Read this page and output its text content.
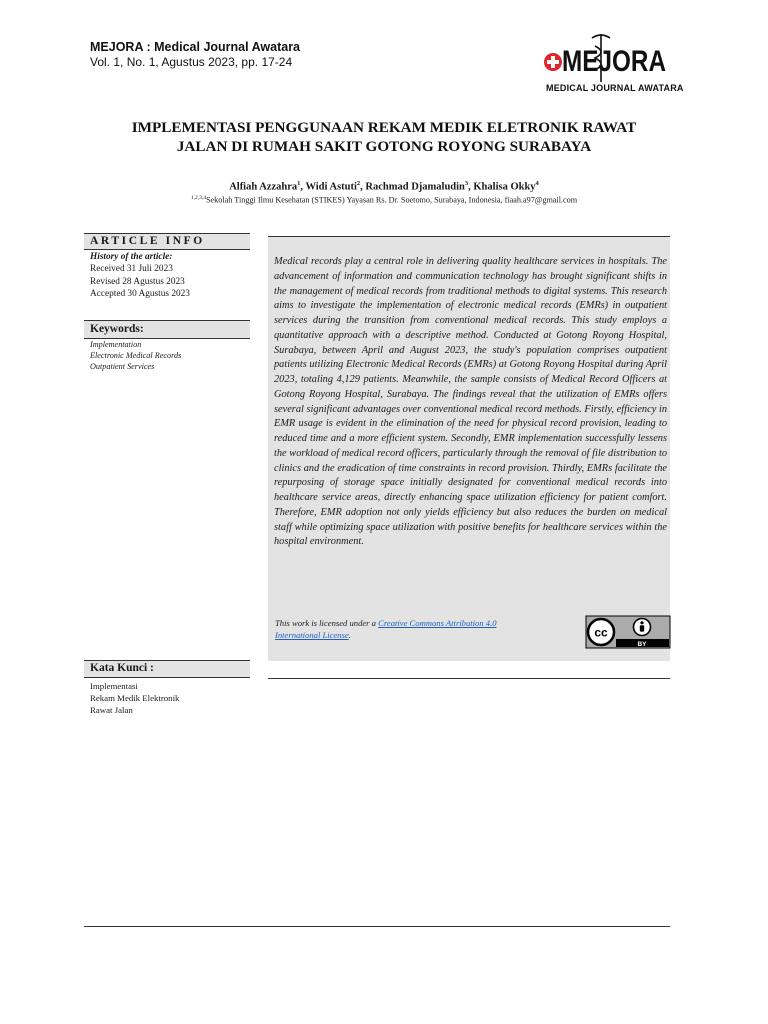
MEJORA : Medical Journal Awatara
Vol. 1, No. 1, Agustus 2023, pp. 17-24	MEJORA
MEDICAL JOURNAL AWATARA
IMPLEMENTASI PENGGUNAAN REKAM MEDIK ELETRONIK RAWAT
JALAN DI RUMAH SAKIT GOTONG ROYONG SURABAYA
Alfiah Azzahra$^1$, Widi Astuti$^2$, Rachmad Djamaludin$^3$, Khalisa Okky$^4$
$^{1,2,3,4}$Sekolah Tinggi Ilmu Kesehatan (STIKES) Yayasan Rs. Dr. Soetomo, Surabaya, Indonesia, fiaah.a97@gmail.com
ARTICLE INFO
History of the article:
Received 31 Juli 2023
Revised 28 Agustus 2023
Accepted 30 Agustus 2023
Keywords:
Implementation
Electronic Medical Records
Outpatient Services
Kata Kunci :
Implementasi
Rekam Medik Elektronik
Rawat Jalan
Medical records play a central role in delivering quality healthcare services in hospitals. The advancement of information and communication technology has brought significant shifts in the management of medical records from traditional methods to digital systems. This research aims to investigate the implementation of electronic medical records (EMRs) in outpatient services during the transition from conventional medical records. This study employs a quantitative approach with a descriptive method. Conducted at Gotong Royong Hospital, Surabaya, between April and August 2023, the study's population comprises outpatient patients utilizing Electronic Medical Records (EMRs) at Gotong Royong Hospital during April 2023, totaling 4,129 patients. Meanwhile, the sample consists of Medical Record Officers at Gotong Royong Hospital, Surabaya. The findings reveal that the utilization of EMRs offers several significant advantages over conventional medical record methods. Firstly, efficiency in EMR usage is evident in the elimination of the need for physical record provision, leading to reduced time and a more efficient system. Secondly, EMR implementation successfully lessens the workload of medical record officers, particularly through the removal of file distribution to clinics and the eradication of time constraints in record provision. Thirdly, EMRs facilitate the repurposing of storage space initially designated for conventional medical records into healthcare service areas, directly enhancing space utilization efficiency for patient comfort. Therefore, EMR adoption not only yields efficiency but also reduces the burden on medical staff while optimizing space utilization with positive benefits for healthcare services within the hospital environment.
This work is licensed under a Creative Commons Attribution 4.0
International License.	cc
BY
